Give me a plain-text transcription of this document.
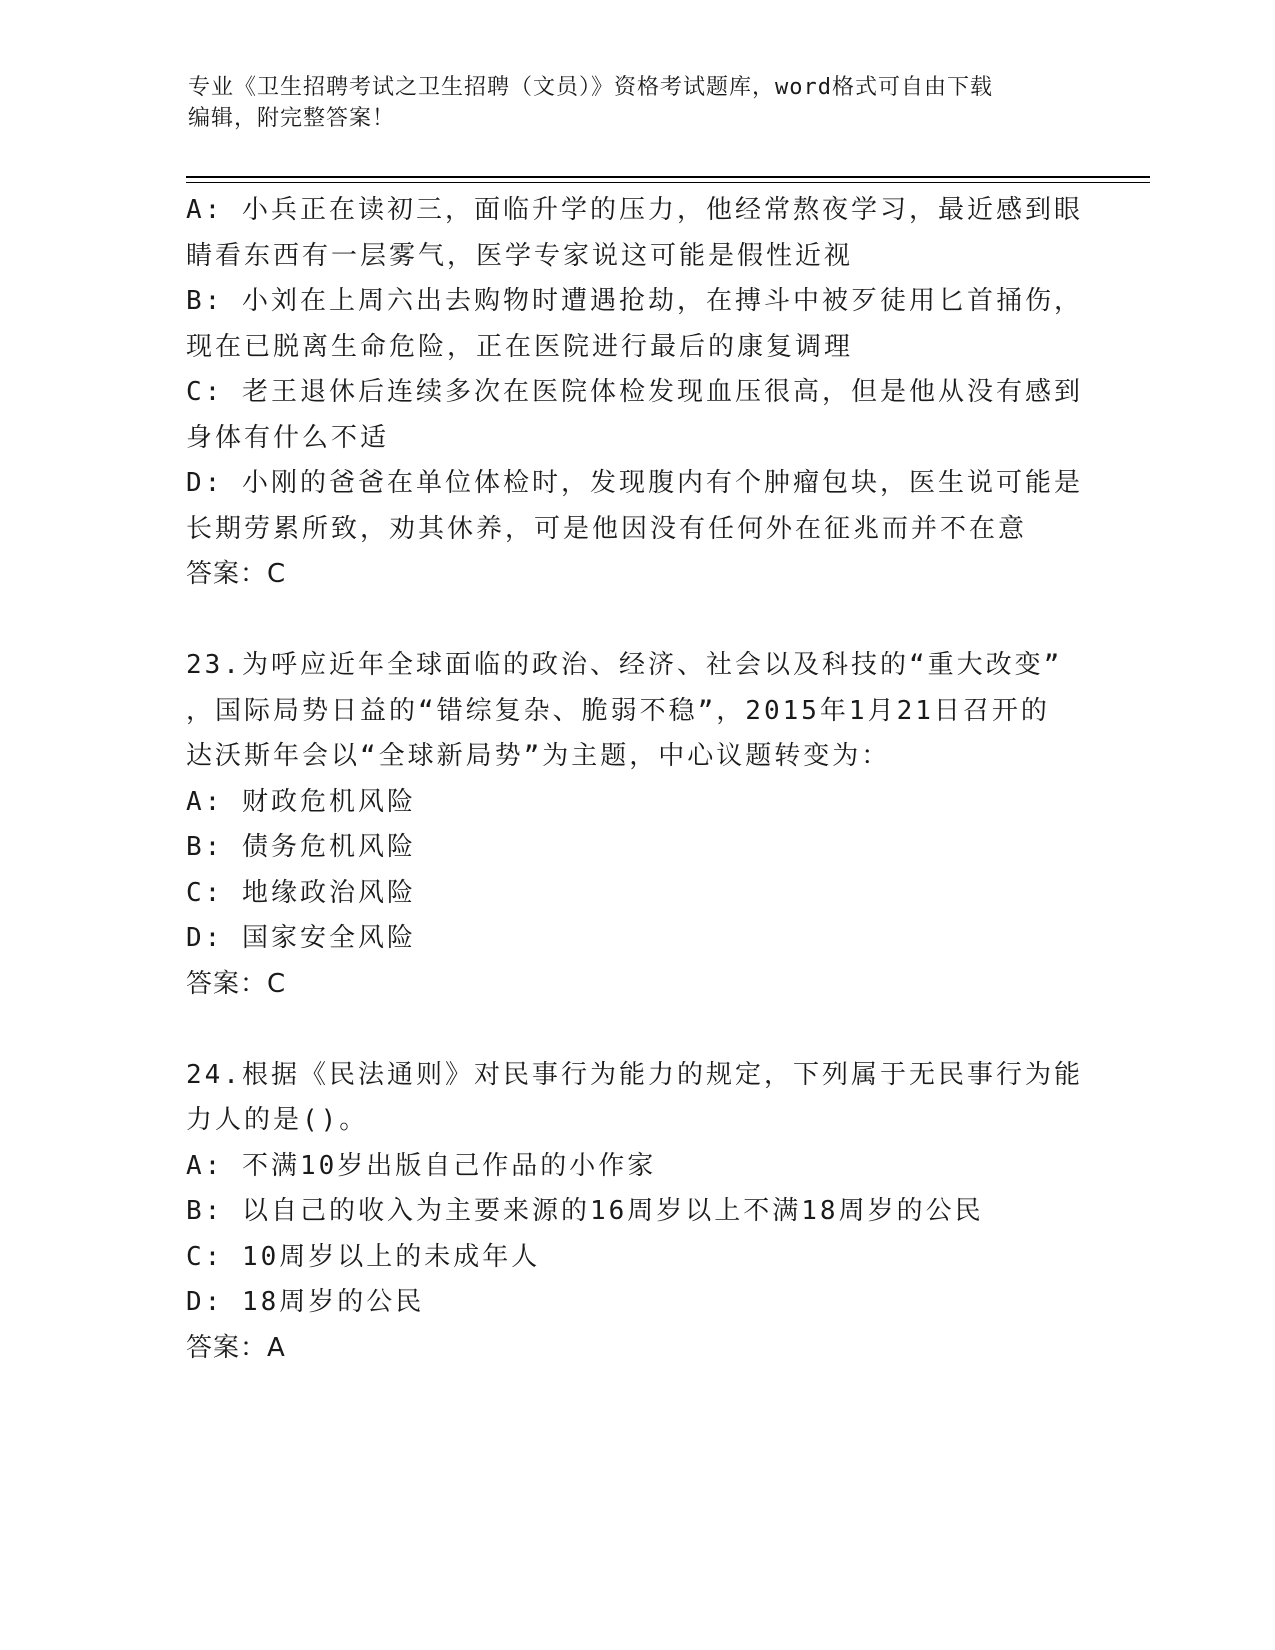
专业《卫生招聘考试之卫生招聘（文员）》资格考试题库，word格式可自由下载
编辑，附完整答案！
A: 小兵正在读初三，面临升学的压力，他经常熬夜学习，最近感到眼
睛看东西有一层雾气，医学专家说这可能是假性近视
B: 小刘在上周六出去购物时遭遇抢劫，在搏斗中被歹徒用匕首捅伤，
现在已脱离生命危险，正在医院进行最后的康复调理
C: 老王退休后连续多次在医院体检发现血压很高，但是他从没有感到
身体有什么不适
D: 小刚的爸爸在单位体检时，发现腹内有个肿瘤包块，医生说可能是
长期劳累所致，劝其休养，可是他因没有任何外在征兆而并不在意
答案：C
23.为呼应近年全球面临的政治、经济、社会以及科技的“重大改变”
，国际局势日益的“错综复杂、脆弱不稳”，2015年1月21日召开的
达沃斯年会以“全球新局势”为主题，中心议题转变为：
A: 财政危机风险
B: 债务危机风险
C: 地缘政治风险
D: 国家安全风险
答案：C
24.根据《民法通则》对民事行为能力的规定，下列属于无民事行为能
力人的是()。
A: 不满10岁出版自己作品的小作家
B: 以自己的收入为主要来源的16周岁以上不满18周岁的公民
C: 10周岁以上的未成年人
D: 18周岁的公民
答案：A
